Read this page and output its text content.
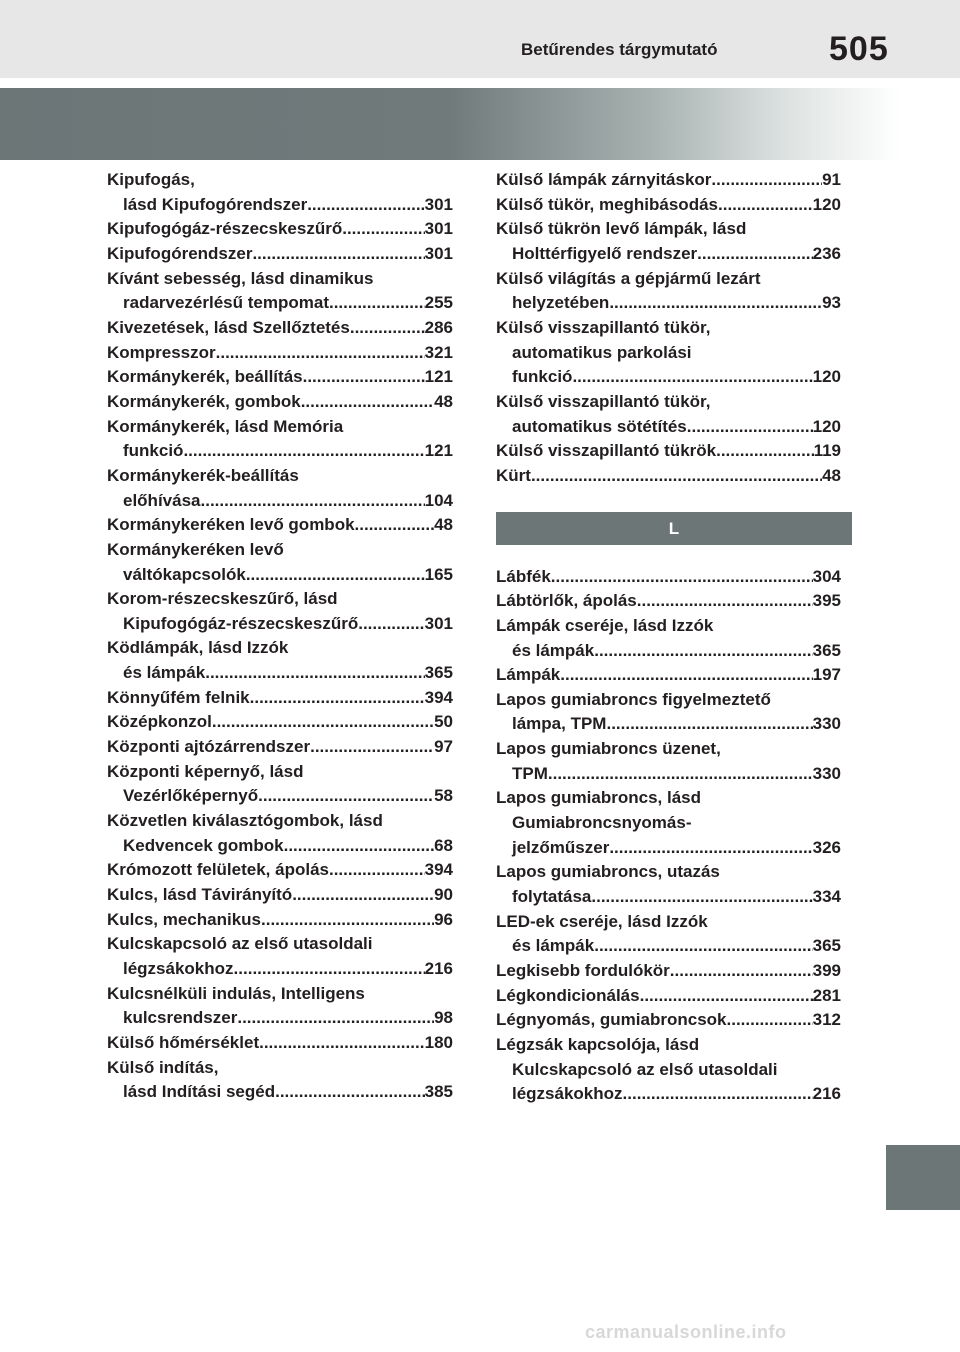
Betűrendes tárgymutató	505
Kipufogás,
lásd Kipufogórendszer .....	301
Kipufogógáz-részecskeszűrő .....	301
Kipufogórendszer .....	301
Kívánt sebesség, lásd dinamikus
radarvezérlésű tempomat .....	255
Kivezetések, lásd Szellőztetés .....	286
Kompresszor .....	321
Kormánykerék, beállítás .....	121
Kormánykerék, gombok .....	48
Kormánykerék, lásd Memória
funkció .....	121
Kormánykerék-beállítás
előhívása .....	104
Kormánykeréken levő gombok .....	48
Kormánykeréken levő
váltókapcsolók .....	165
Korom-részecskeszűrő, lásd
Kipufogógáz-részecskeszűrő .....	301
Ködlámpák, lásd Izzók
és lámpák .....	365
Könnyűfém felnik .....	394
Középkonzol .....	50
Központi ajtózárrendszer .....	97
Központi képernyő, lásd
Vezérlőképernyő .....	58
Közvetlen kiválasztógombok, lásd
Kedvencek gombok .....	68
Krómozott felületek, ápolás .....	394
Kulcs, lásd Távirányító .....	90
Kulcs, mechanikus .....	96
Kulcskapcsoló az első utasoldali
légzsákokhoz .....	216
Kulcsnélküli indulás, Intelligens
kulcsrendszer .....	98
Külső hőmérséklet .....	180
Külső indítás,
lásd Indítási segéd .....	385
Külső lámpák zárnyitáskor .....	91
Külső tükör, meghibásodás .....	120
Külső tükrön levő lámpák, lásd
Holttérfigyelő rendszer .....	236
Külső világítás a gépjármű lezárt
helyzetében .....	93
Külső visszapillantó tükör,
automatikus parkolási
funkció .....	120
Külső visszapillantó tükör,
automatikus sötétítés .....	120
Külső visszapillantó tükrök .....	119
Kürt .....	48
L
Lábfék .....	304
Lábtörlők, ápolás .....	395
Lámpák cseréje, lásd Izzók
és lámpák .....	365
Lámpák .....	197
Lapos gumiabroncs figyelmeztető
lámpa, TPM .....	330
Lapos gumiabroncs üzenet,
TPM .....	330
Lapos gumiabroncs, lásd
Gumiabroncsnyomás-
jelzőműszer .....	326
Lapos gumiabroncs, utazás
folytatása .....	334
LED-ek cseréje, lásd Izzók
és lámpák .....	365
Legkisebb fordulókör .....	399
Légkondicionálás .....	281
Légnyomás, gumiabroncsok .....	312
Légzsák kapcsolója, lásd
Kulcskapcsoló az első utasoldali
légzsákokhoz .....	216
carmanualsonline.info
